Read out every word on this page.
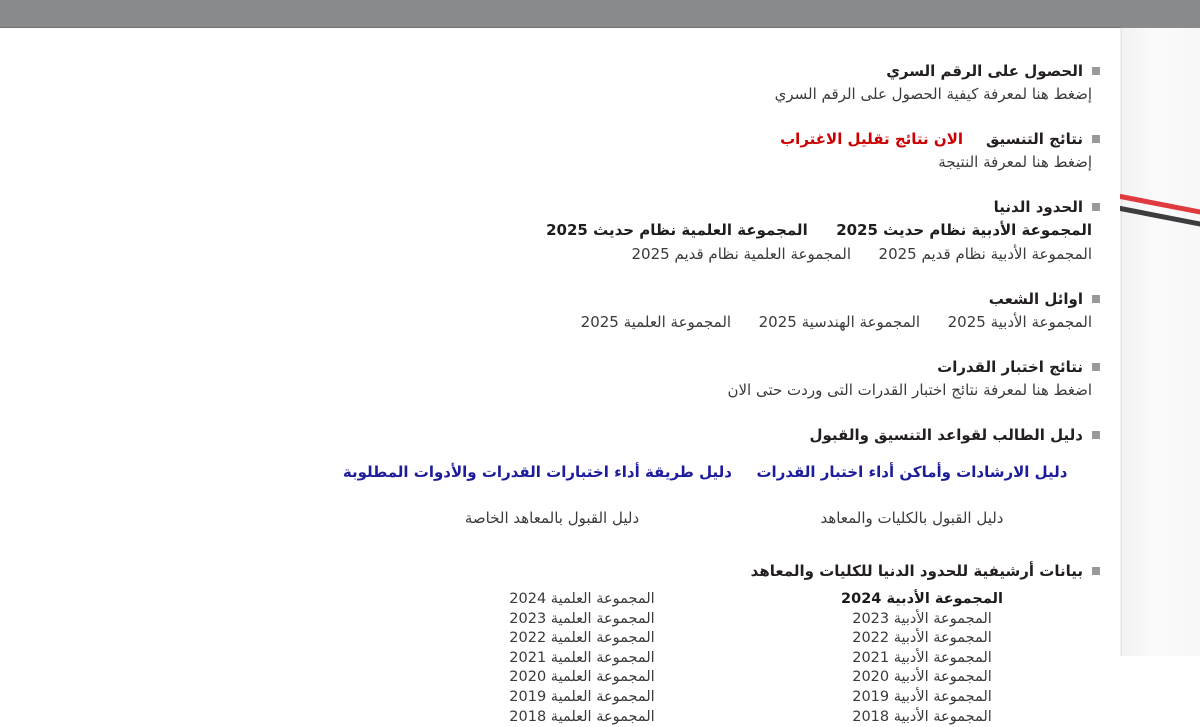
الحصول على الرقم السري
إضغط هنا لمعرفة كيفية الحصول على الرقم السري
نتائج التنسيق
الان نتائج تقليل الاغتراب
إضغط هنا لمعرفة النتيجة
الحدود الدنيا
المجموعة الأدبية نظام حديث 2025  المجموعة العلمية نظام حديث 2025
المجموعة الأدبية نظام قديم 2025  المجموعة العلمية نظام قديم 2025
اوائل الشعب
المجموعة الأدبية 2025  المجموعة الهندسية 2025  المجموعة العلمية 2025
نتائج اختبار القدرات
اضغط هنا لمعرفة نتائج اختبار القدرات التى وردت حتى الان
دليل الطالب لقواعد التنسيق والقبول
دليل الارشادات وأماكن أداء اختبار القدرات
دليل طريقة أداء اختبارات القدرات والأدوات المطلوبة
دليل القبول بالكليات والمعاهد
دليل القبول بالمعاهد الخاصة
بيانات أرشيفية للحدود الدنيا للكليات والمعاهد
المجموعة الأدبية 2024
المجموعة الأدبية 2023
المجموعة الأدبية 2022
المجموعة الأدبية 2021
المجموعة الأدبية 2020
المجموعة الأدبية 2019
المجموعة الأدبية 2018
المجموعة العلمية 2024
المجموعة العلمية 2023
المجموعة العلمية 2022
المجموعة العلمية 2021
المجموعة العلمية 2020
المجموعة العلمية 2019
المجموعة العلمية 2018
